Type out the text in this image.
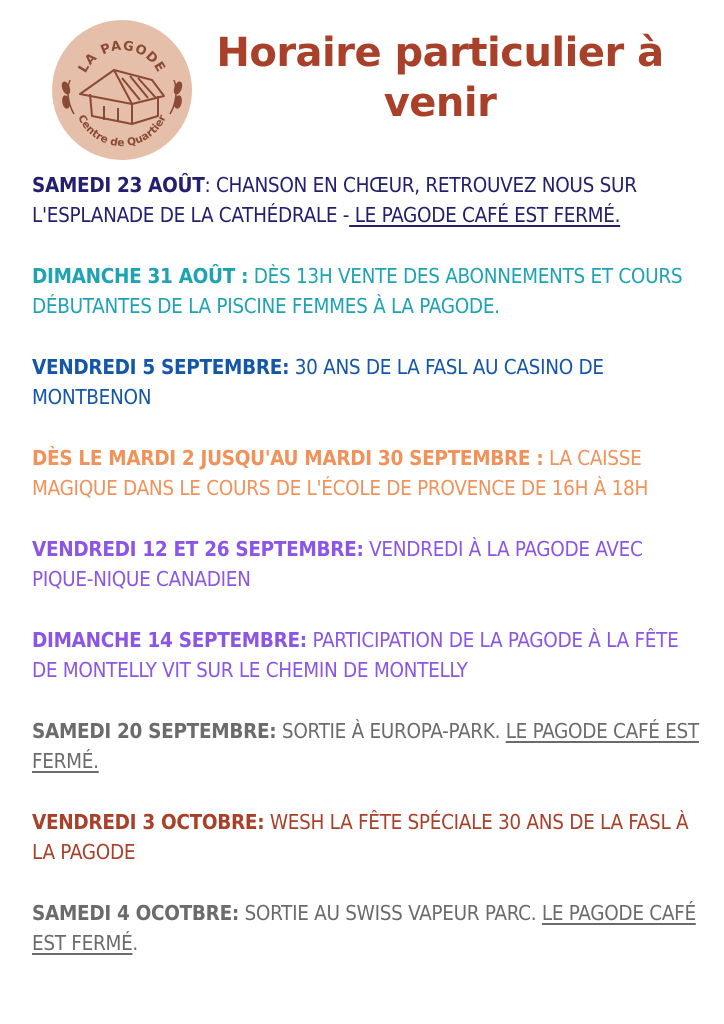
LA PAGODE
Centre de Quartier
Horaire particulier à
venir
SAMEDI 23 AOÛT: CHANSON EN CHŒUR, RETROUVEZ NOUS SUR L'ESPLANADE DE LA CATHÉDRALE - LE PAGODE CAFÉ EST FERMÉ.
DIMANCHE 31 AOÛT : DÈS 13H VENTE DES ABONNEMENTS ET COURS DÉBUTANTES DE LA PISCINE FEMMES À LA PAGODE.
VENDREDI 5 SEPTEMBRE: 30 ANS DE LA FASL AU CASINO DE MONTBENON
DÈS LE MARDI 2 JUSQU'AU MARDI 30 SEPTEMBRE : LA CAISSE MAGIQUE DANS LE COURS DE L'ÉCOLE DE PROVENCE DE 16H À 18H
VENDREDI 12 ET 26 SEPTEMBRE: VENDREDI À LA PAGODE AVEC PIQUE-NIQUE CANADIEN
DIMANCHE 14 SEPTEMBRE: PARTICIPATION DE LA PAGODE À LA FÊTE DE MONTELLY VIT SUR LE CHEMIN DE MONTELLY
SAMEDI 20 SEPTEMBRE: SORTIE À EUROPA-PARK. LE PAGODE CAFÉ EST FERMÉ.
VENDREDI 3 OCTOBRE: WESH LA FÊTE SPÉCIALE 30 ANS DE LA FASL À LA PAGODE
SAMEDI 4 OCOTBRE: SORTIE AU SWISS VAPEUR PARC. LE PAGODE CAFÉ EST FERMÉ.
